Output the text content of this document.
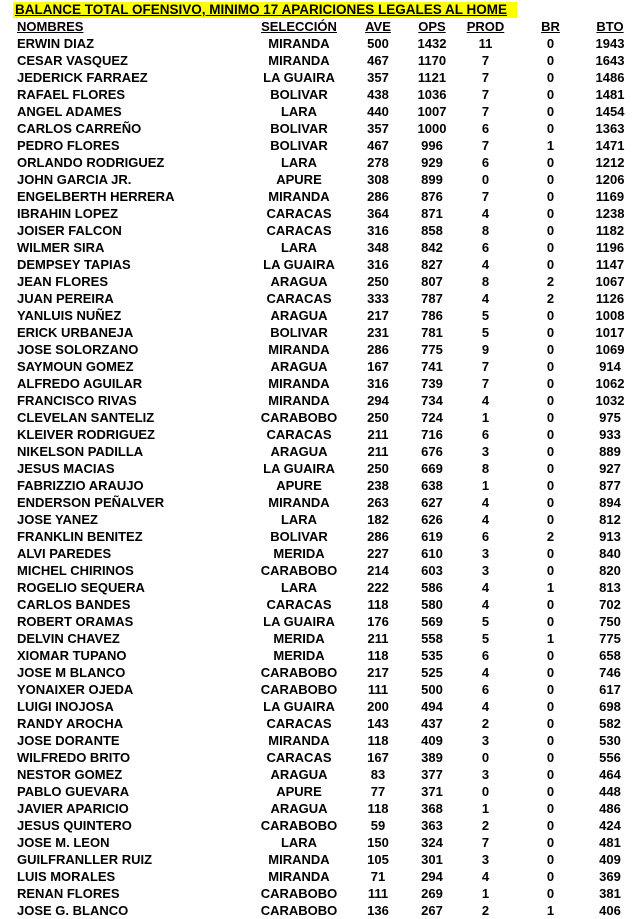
BALANCE TOTAL OFENSIVO, MINIMO 17 APARICIONES LEGALES AL HOME
NOMBRES	SELECCIÓN	AVE	OPS	PROD	BR	BTO
ERWIN DIAZ	MIRANDA	500	1432	11	0	1943
CESAR VASQUEZ	MIRANDA	467	1170	7	0	1643
JEDERICK FARRAEZ	LA GUAIRA	357	1121	7	0	1486
RAFAEL FLORES	BOLIVAR	438	1036	7	0	1481
ANGEL ADAMES	LARA	440	1007	7	0	1454
CARLOS CARREÑO	BOLIVAR	357	1000	6	0	1363
PEDRO FLORES	BOLIVAR	467	996	7	1	1471
ORLANDO RODRIGUEZ	LARA	278	929	6	0	1212
JOHN GARCIA JR.	APURE	308	899	0	0	1206
ENGELBERTH HERRERA	MIRANDA	286	876	7	0	1169
IBRAHIN LOPEZ	CARACAS	364	871	4	0	1238
JOISER FALCON	CARACAS	316	858	8	0	1182
WILMER SIRA	LARA	348	842	6	0	1196
DEMPSEY TAPIAS	LA GUAIRA	316	827	4	0	1147
JEAN FLORES	ARAGUA	250	807	8	2	1067
JUAN PEREIRA	CARACAS	333	787	4	2	1126
YANLUIS NUÑEZ	ARAGUA	217	786	5	0	1008
ERICK URBANEJA	BOLIVAR	231	781	5	0	1017
JOSE SOLORZANO	MIRANDA	286	775	9	0	1069
SAYMOUN GOMEZ	ARAGUA	167	741	7	0	914
ALFREDO AGUILAR	MIRANDA	316	739	7	0	1062
FRANCISCO RIVAS	MIRANDA	294	734	4	0	1032
CLEVELAN SANTELIZ	CARABOBO	250	724	1	0	975
KLEIVER RODRIGUEZ	CARACAS	211	716	6	0	933
NIKELSON PADILLA	ARAGUA	211	676	3	0	889
JESUS MACIAS	LA GUAIRA	250	669	8	0	927
FABRIZZIO ARAUJO	APURE	238	638	1	0	877
ENDERSON PEÑALVER	MIRANDA	263	627	4	0	894
JOSE YANEZ	LARA	182	626	4	0	812
FRANKLIN BENITEZ	BOLIVAR	286	619	6	2	913
ALVI PAREDES	MERIDA	227	610	3	0	840
MICHEL CHIRINOS	CARABOBO	214	603	3	0	820
ROGELIO SEQUERA	LARA	222	586	4	1	813
CARLOS BANDES	CARACAS	118	580	4	0	702
ROBERT ORAMAS	LA GUAIRA	176	569	5	0	750
DELVIN CHAVEZ	MERIDA	211	558	5	1	775
XIOMAR TUPANO	MERIDA	118	535	6	0	658
JOSE M BLANCO	CARABOBO	217	525	4	0	746
YONAIXER OJEDA	CARABOBO	111	500	6	0	617
LUIGI INOJOSA	LA GUAIRA	200	494	4	0	698
RANDY AROCHA	CARACAS	143	437	2	0	582
JOSE DORANTE	MIRANDA	118	409	3	0	530
WILFREDO BRITO	CARACAS	167	389	0	0	556
NESTOR GOMEZ	ARAGUA	83	377	3	0	464
PABLO GUEVARA	APURE	77	371	0	0	448
JAVIER APARICIO	ARAGUA	118	368	1	0	486
JESUS QUINTERO	CARABOBO	59	363	2	0	424
JOSE M. LEON	LARA	150	324	7	0	481
GUILFRANLLER RUIZ	MIRANDA	105	301	3	0	409
LUIS MORALES	MIRANDA	71	294	4	0	369
RENAN FLORES	CARABOBO	111	269	1	0	381
JOSE G. BLANCO	CARABOBO	136	267	2	1	406
